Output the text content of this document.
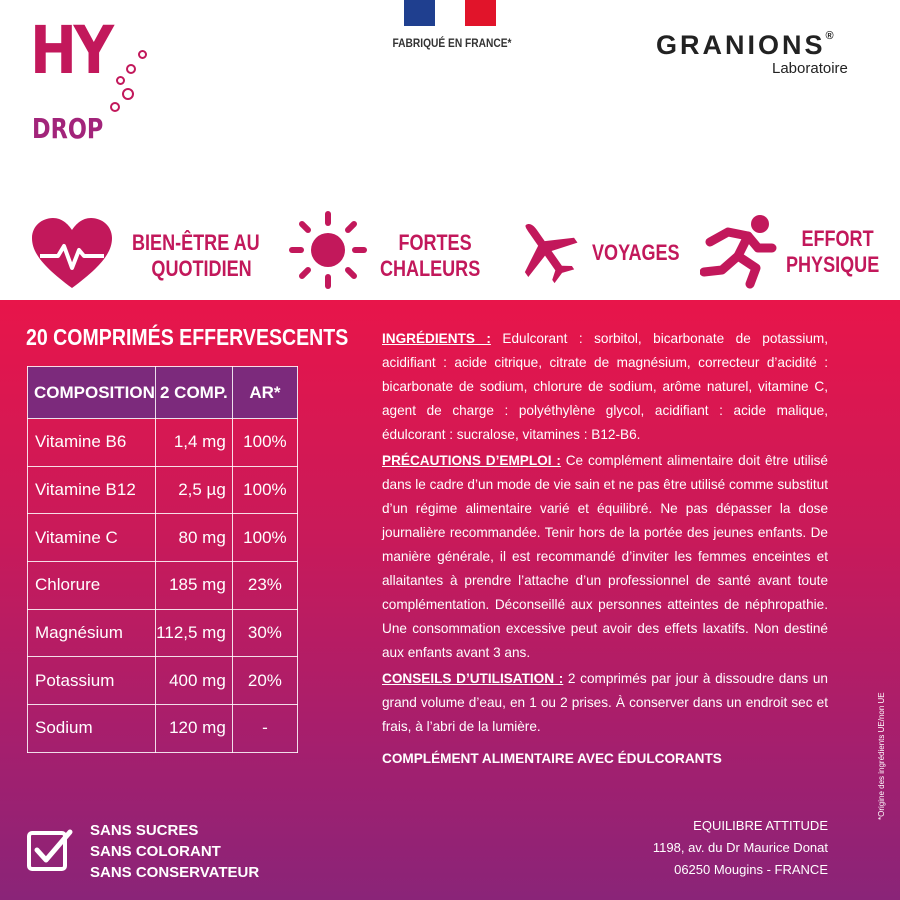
HY
DROP
FABRIQUÉ EN FRANCE*	GRANIONS®
Laboratoire
BIEN-ÊTRE AU
QUOTIDIEN
FORTES
CHALEURS
VOYAGES
EFFORT
PHYSIQUE
20 COMPRIMÉS EFFERVESCENTS
COMPOSITION	2 COMP.	AR*
Vitamine B6	1,4 mg	100%
Vitamine B12	2,5 µg	100%
Vitamine C	80 mg	100%
Chlorure	185 mg	23%
Magnésium	112,5 mg	30%
Potassium	400 mg	20%
Sodium	120 mg	-

INGRÉDIENTS : Edulcorant : sorbitol, bicarbonate de potassium, acidifiant : acide citrique, citrate de magnésium, correcteur d’acidité : bicarbonate de sodium, chlorure de sodium, arôme naturel, vitamine C, agent de charge : polyéthylène glycol, acidifiant : acide malique, édulcorant : sucralose, vitamines : B12-B6.

PRÉCAUTIONS D’EMPLOI : Ce complément alimentaire doit être utilisé dans le cadre d’un mode de vie sain et ne pas être utilisé comme substitut d’un régime alimentaire varié et équilibré. Ne pas dépasser la dose journalière recommandée. Tenir hors de la portée des jeunes enfants. De manière générale, il est recommandé d’inviter les femmes enceintes et allaitantes à prendre l’attache d’un professionnel de santé avant toute complémentation. Déconseillé aux personnes atteintes de néphropathie. Une consommation excessive peut avoir des effets laxatifs. Non destiné aux enfants avant 3 ans.

CONSEILS D’UTILISATION : 2 comprimés par jour à dissoudre dans un grand volume d’eau, en 1 ou 2 prises. À conserver dans un endroit sec et frais, à l’abri de la lumière.

COMPLÉMENT ALIMENTAIRE AVEC ÉDULCORANTS	*Origine des ingrédients UE/non UE
SANS SUCRES
SANS COLORANT
SANS CONSERVATEUR
EQUILIBRE ATTITUDE
1198, av. du Dr Maurice Donat
06250 Mougins - FRANCE
